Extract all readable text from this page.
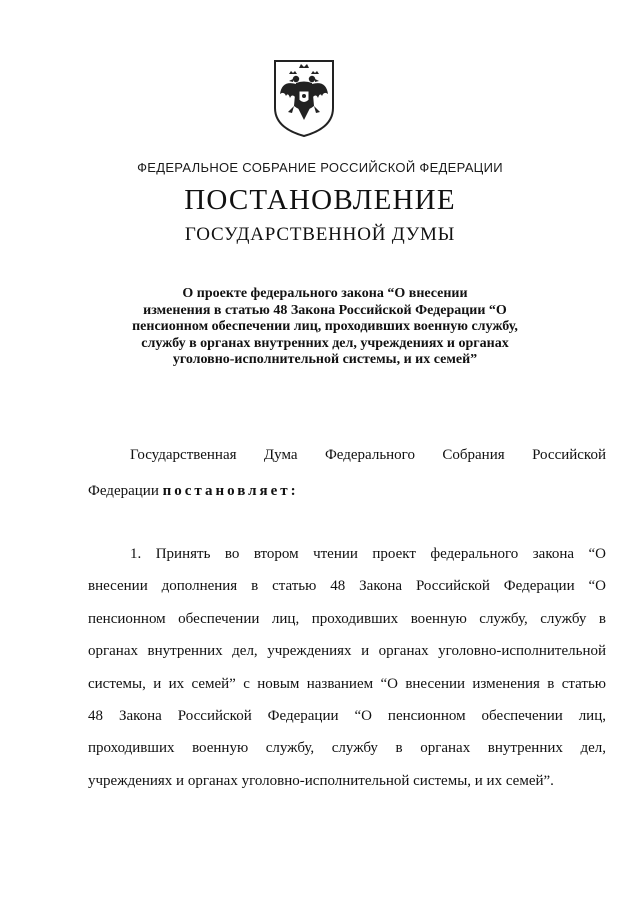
ФЕДЕРАЛЬНОЕ СОБРАНИЕ РОССИЙСКОЙ ФЕДЕРАЦИИ
ПОСТАНОВЛЕНИЕ
ГОСУДАРСТВЕННОЙ ДУМЫ
О проекте федерального закона “О внесении
изменения в статью 48 Закона Российской Федерации “О
пенсионном обеспечении лиц, проходивших военную службу,
службу в органах внутренних дел, учреждениях и органах
уголовно-исполнительной системы, и их семей”
Государственная Дума Федерального Собрания Российской
Федерации постановляет:
1. Принять во втором чтении проект федерального закона “О
внесении дополнения в статью 48 Закона Российской Федерации “О
пенсионном обеспечении лиц, проходивших военную службу, службу в
органах внутренних дел, учреждениях и органах уголовно-исполнительной
системы, и их семей” с новым названием “О внесении изменения в статью
48 Закона Российской Федерации “О пенсионном обеспечении лиц,
проходивших военную службу, службу в органах внутренних дел,
учреждениях и органах уголовно-исполнительной системы, и их семей”.
